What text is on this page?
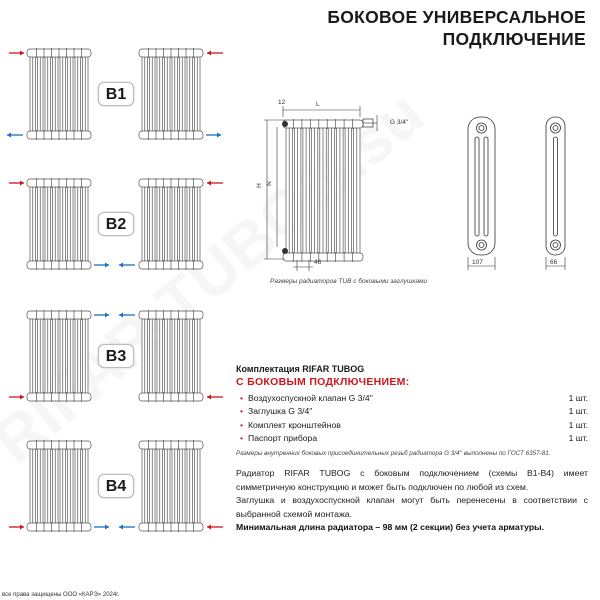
БОКОВОЕ УНИВЕРСАЛЬНОЕ
ПОДКЛЮЧЕНИЕ
B1
B2
B3
B4
12	L
H N
46
G 3/4''
107	66
Размеры радиаторов TUB с боковыми заглушками
Комплектация RIFAR TUBOG
С БОКОВЫМ ПОДКЛЮЧЕНИЕМ:
• Воздухоспускной клапан G 3/4''	1 шт.
• Заглушка G 3/4''	1 шт.
• Комплект кронштейнов	1 шт.
• Паспорт прибора	1 шт.
Размеры внутренних боковых присоединительных резьб радиатора G 3/4'' выполнены по ГОСТ 6357-81.
Радиатор RIFAR TUBOG с боковым подключением (схемы B1-B4) имеет симметричную конструкцию и может быть подключен по любой из схем.
Заглушка и воздухоспускной клапан могут быть перенесены в соответствии с выбранной схемой монтажа.
Минимальная длина радиатора – 98 мм (2 секции) без учета арматуры.
все права защищены ООО «КАРЭ» 2024г.
